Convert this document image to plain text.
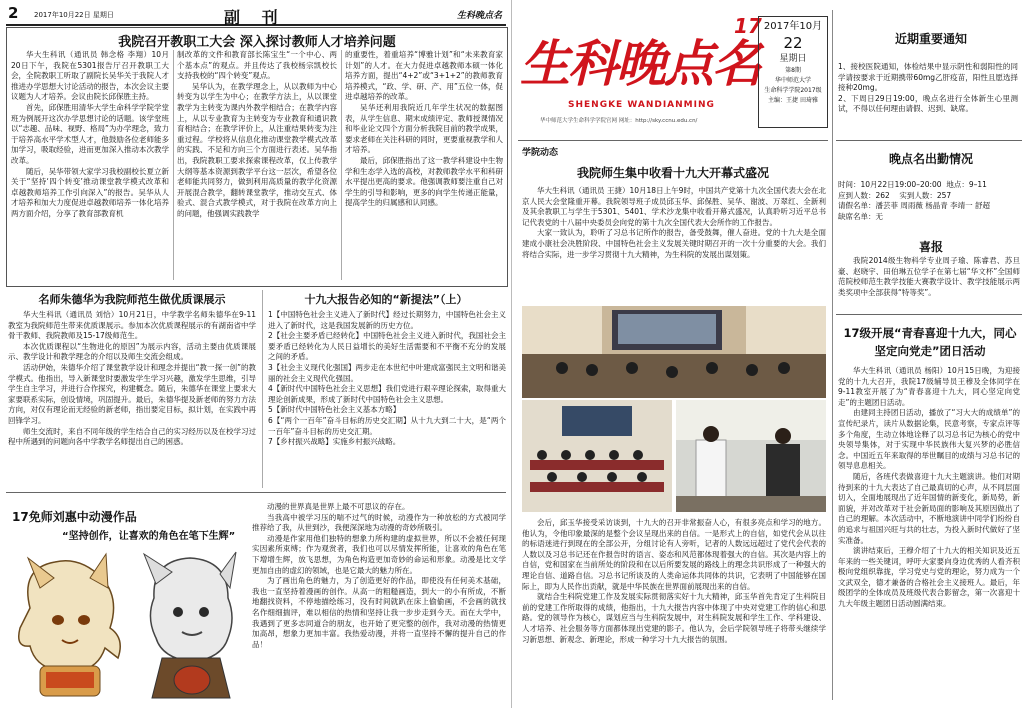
2 2017年10月22日 星期日	副 刊	生科晚点名
我院召开教职工大会 深入探讨教师人才培养问题

华大生科讯（通讯员 韩念格 李翔）10月20日下午，我院在5301报告厅召开教职工大会，全院教职工听取了副院长吴华关于我院人才推进办学思想大讨论活动的报告，本次会议主要议题为人才培养。会议由院长邱保胜主持。

首先，邱保胜用清华大学生命科学学院学堂班为例展开这次办学思想讨论的话题。该学堂班以“志趣、品味、视野、格局”为办学理念，致力于培养高水平学术型人才，他鼓励各位老师能多加学习，吸取经验，进而更加深入推动本次教学改革。

随后，吴华带领大家学习我校副校长夏立新关于“坚持‘四个转变’推动课堂教学模式改革和卓越教师培养工作引向深入”的报告。吴华从人才培养和加大力度促进卓越教师培养一体化培养两方面介绍，分享了教育部教育机

制改革的文件和教育部长陈宝生“一个中心、两个基本点”的观点。并且传达了我校杨宗凯校长支持我校的“四个转变”观点。

吴华认为，在教学理念上，从以教师为中心转变为以学生为中心；在教学方法上，从以课堂教学为主转变为课内外教学相结合；在教学内容上，从以专业教育为主转变为专业教育和通识教育相结合；在教学评价上，从注重结果转变为注重过程。学校将从信息化推动课堂教学模式改革的实践、不足和方向三个方面进行表述。吴华指出，我院教职工要求探索课程改革，仅上传教学大纲等基本资源到教学平台这一层次，希望各位老师能共同努力，做到利用高质量的教学化资源开展混合教学，翻转课堂教学，推动交互式、体验式、混合式教学模式，对于我院在改革方向上的问题，他强调实践教学

的重要性，着重培养“博雅计划”和“未来教育家计划”的人才。在大力促进卓越教师本硕一体化培养方面，提出“4+2”或“3+1+2”的教师教育培养模式，“政、学、研、产、用”五位一体，促进卓越培养的改革。

吴华还利用我院近几年学生状况的数据图表，从学生信息、期末成绩评定、教师授课情况和毕业论文四个方面分析我院目前的教学成果，要求老师在关注科研的同时，更要重视教学和人才培养。

最后，邱保胜指出了这一教学科建设中生物学和生态学入选的高校，对教师教学水平和科研水平提出更高的要求。他强调教师要注重自己对学生的引导和影响，更多的向学生传递正能量，提高学生的归属感和认同感。

名师朱德华为我院师范生做优质课展示

华大生科讯（通讯员 刘恰）10月21日，中学教学名师朱德华在9-11教室为我院师范生带来优质课展示。参加本次优质课程展示的有湖南省中学骨干教师、我院教师及15-17级师范生。

本次优质课程以“生物进化的原因”为展示内容，活动主要由优质课展示、教学设计和教学理念的介绍以及师生交流会组成。

活动伊始，朱德华介绍了课堂教学设计和理念并提出“教一探一创”的教学模式。他指出，导入新课堂时要激发学生学习兴趣，激发学生思维，引导学生自主学习，并进行合作探究，构建概念。随后，朱德华在课堂上要求大家要联系实际，创设情境，巩固提升。最后，朱德华提及新老师的努力方法方向，对仅有理论而无经验的新老师，指出要定目标，拟计划，在实践中再回锋学习。

师生交流时，来自不同年级的学生结合自己的实习经历以及在校学习过程中所遇到的问题向各中学教学名师提出自己的困惑。

十九大报告必知的“新提法”（上）

1【中国特色社会主义进入了新时代】经过长期努力，中国特色社会主义进入了新时代，这是我国发展新的历史方位。

2【社会主要矛盾已经转化】中国特色社会主义进入新时代，我国社会主要矛盾已经转化为人民日益增长的美好生活需要和不平衡不充分的发展之间的矛盾。

3【社会主义现代化强国】两步走在本世纪中叶建成富强民主文明和谐美丽的社会主义现代化强国。

4【新时代中国特色社会主义思想】我们党进行艰辛理论探索，取得重大理论创新成果，形成了新时代中国特色社会主义思想。

5【新时代中国特色社会主义基本方略】

6【“两个一百年”奋斗目标的历史交汇期】从十九大到二十大，是“两个一百年”奋斗目标的历史交汇期。

7【乡村振兴战略】实施乡村振兴战略。

17免师刘惠中动漫作品
“坚持创作，让喜欢的角色在笔下生辉”

动漫的世界真是世界上最不可思议的存在。

当我高中被学习压的喘不过气的时候，动漫作为一种放松的方式被同学推荐给了我，从世到沙，我便深深地为动漫的奇妙所吸引。

动漫是作家用他们独特的想象力所构建的虚拟世界，所以不会被任何现实因素所束缚；作为观赏者，我们也可以尽情发挥所能，让喜欢的角色在笔下增增生辉，放飞思想，为角色构造更加奇妙的命运和形象。动漫是比文学更加自由的虚幻的领域，也是它最大的魅力所在。

为了画出角色的魅力，为了创造更好的作品，即使没有任何美术基础，我也一直坚持着漫画的创作。从高一的粗糙画造，到大一的小有所成，不断地翻找资料，不停地描绘练习，没有时间就趴在床上偷偷画，不会画的就找名作细细揣评，难以相信的热情和坚持让我一步步走到今天。而在大学中，我遇到了更多志同道合的朋友，也开始了更完整的创作，我对动漫的热情更加高昂，想象力更加丰富。我热爱动漫，并将一直坚持不懈的提升自己的作品！

生科晚点名
17
SHENGKE WANDIANMING
华中师范大学生命科学学院官网 网址：http://sky.ccnu.edu.cn/
2017年10月
22
星期日
第8期
华中师范大学
生命科学学院2017级
主编：王捷 田琦雅
近期重要通知

1、接校医院通知，体检结果中显示阴性和弱阳性的同学请按要求于近期携带60mg乙肝疫苗，阳性且愿选择接种20mg。

2、下周日29日19:00，晚点名进行全体新生心里测试，不得以任何理由请假、迟到、缺席。

晚点名出勤情况
时间：10月22日19:00–20:00 地点：9–11
应到人数：262 实到人数：257
请假名单：潘芸菲 周雨薇 杨晶青 李靖一 舒超
缺席名单：无
喜报

我院2014级生物科学专业周子瑜、陈睿君、苏旦豪、赵晓宇、田伯琳五位学子在第七届“华文杯”全国师范院校师范生教学技能大赛教学设计、教学技能展示两类奖项中全部获得“特等奖”。

17级开展“青春喜迎十九大，同心坚定向党走”团日活动

华大生科讯（通讯员 杨阳）10月15日晚，为迎接党的十九大召开，我院17级辅导员王穆及全体同学在9-11教室开展了为“青春喜迎十九大，同心坚定向党走”的主题团日活动。

由建同主持团日活动，播放了“习大大的成绩单”的宣传纪录片，读片从数据论集，民意考察，专家点评等多个角度，生动立体地诠释了以习总书记为核心的党中央领导集体，对于实现中华民族伟大复兴梦的必胜信念。中国近五年来取得的举世瞩目的成绩与习总书记的领导息息相关。

随后，各班代表做喜迎十九大主题演讲。他们对期待到来的十九大表达了自己最真切的心声，从不同层面切入，全面地展现出了近年国情的新变化，新局势，新面貌，并对改革对于社会新局面的影响及其原因做出了自己的理解。本次活动中，不断地演讲中同学们纷纷自的追求与祖国兴旺与共的壮志，为投入新时代做好了坚实准备。

演讲结束后，王穆介绍了十九大的相关知识及近五年来的一些关键词，呼吁大家要向身边优秀的人看齐积极向党组织靠拢，学习党史与党的理论，努力成为一个文武双全，德才兼备的合格社会主义接班人。最后，年级团学的全体成员及班级代表合影留念，第一次喜迎十九大年级主题团日活动圆满结束。

学院动态
我院师生集中收看十九大开幕式盛况

华大生科讯（通讯员 王捷）10月18日上午9时，中国共产党第十九次全国代表大会在北京人民大会堂隆重开幕。我院领导班子成员邱玉华、邱保胜、吴华、谢波、万翠红、全新利及其余教职工与学生于5301、5401、学术沙龙集中收看开幕式盛况，认真聆听习近平总书记代表党的十八届中央委员会向党的第十九次全国代表大会所作的工作报告。

大家一致认为，聆听了习总书记所作的报告，备受鼓舞，催人奋进。党的十九大是全面建成小康社会决胜阶段、中国特色社会主义发展关键时期召开的一次十分重要的大会。我们将结合实际，进一步学习贯彻十九大精神，为生科院的发展出谋划策。

会后，邱玉华接受采访谈到，十九大的召开非常振奋人心，有很多亮点和学习的地方。他认为，令他印象最深的是整个会议呈现出来的自信。一是形式上的自信，如党代会从以往的标语迷进行到现在的全部公开，分组讨论有人旁听，记者的人数远远超过了党代会代表的人数以及习总书记还在作报告时的语言、姿态和风范都体现着强大的自信。其次是内容上的自信，党和国家在当前所处的阶段和在以后所要发展的路线上的理念共识形成了一种强大的理论自信、道路自信。习总书记所谈及的人类命运体共同体的共识，它表明了中国能够在国际上，即为人民作出贡献，就是中华民族在世界面前展现出来的自信。

就结合生科院党建工作及发展实际贯彻落实好十九大精神，邱玉华首先肯定了生科院目前的党建工作所取得的成绩，他指出，十九大报告内容中体现了中央对党建工作的信心和思路。党的领导作为核心，谋划应当与生科院发展中，对生科院发展和学生工作、学科建设、人才培养、社会服务等方面都体现出党建的影子。他认为，会后学院领导班子将带头继续学习新思想、新观念、新理论，形成一种学习十九大报告的氛围。
